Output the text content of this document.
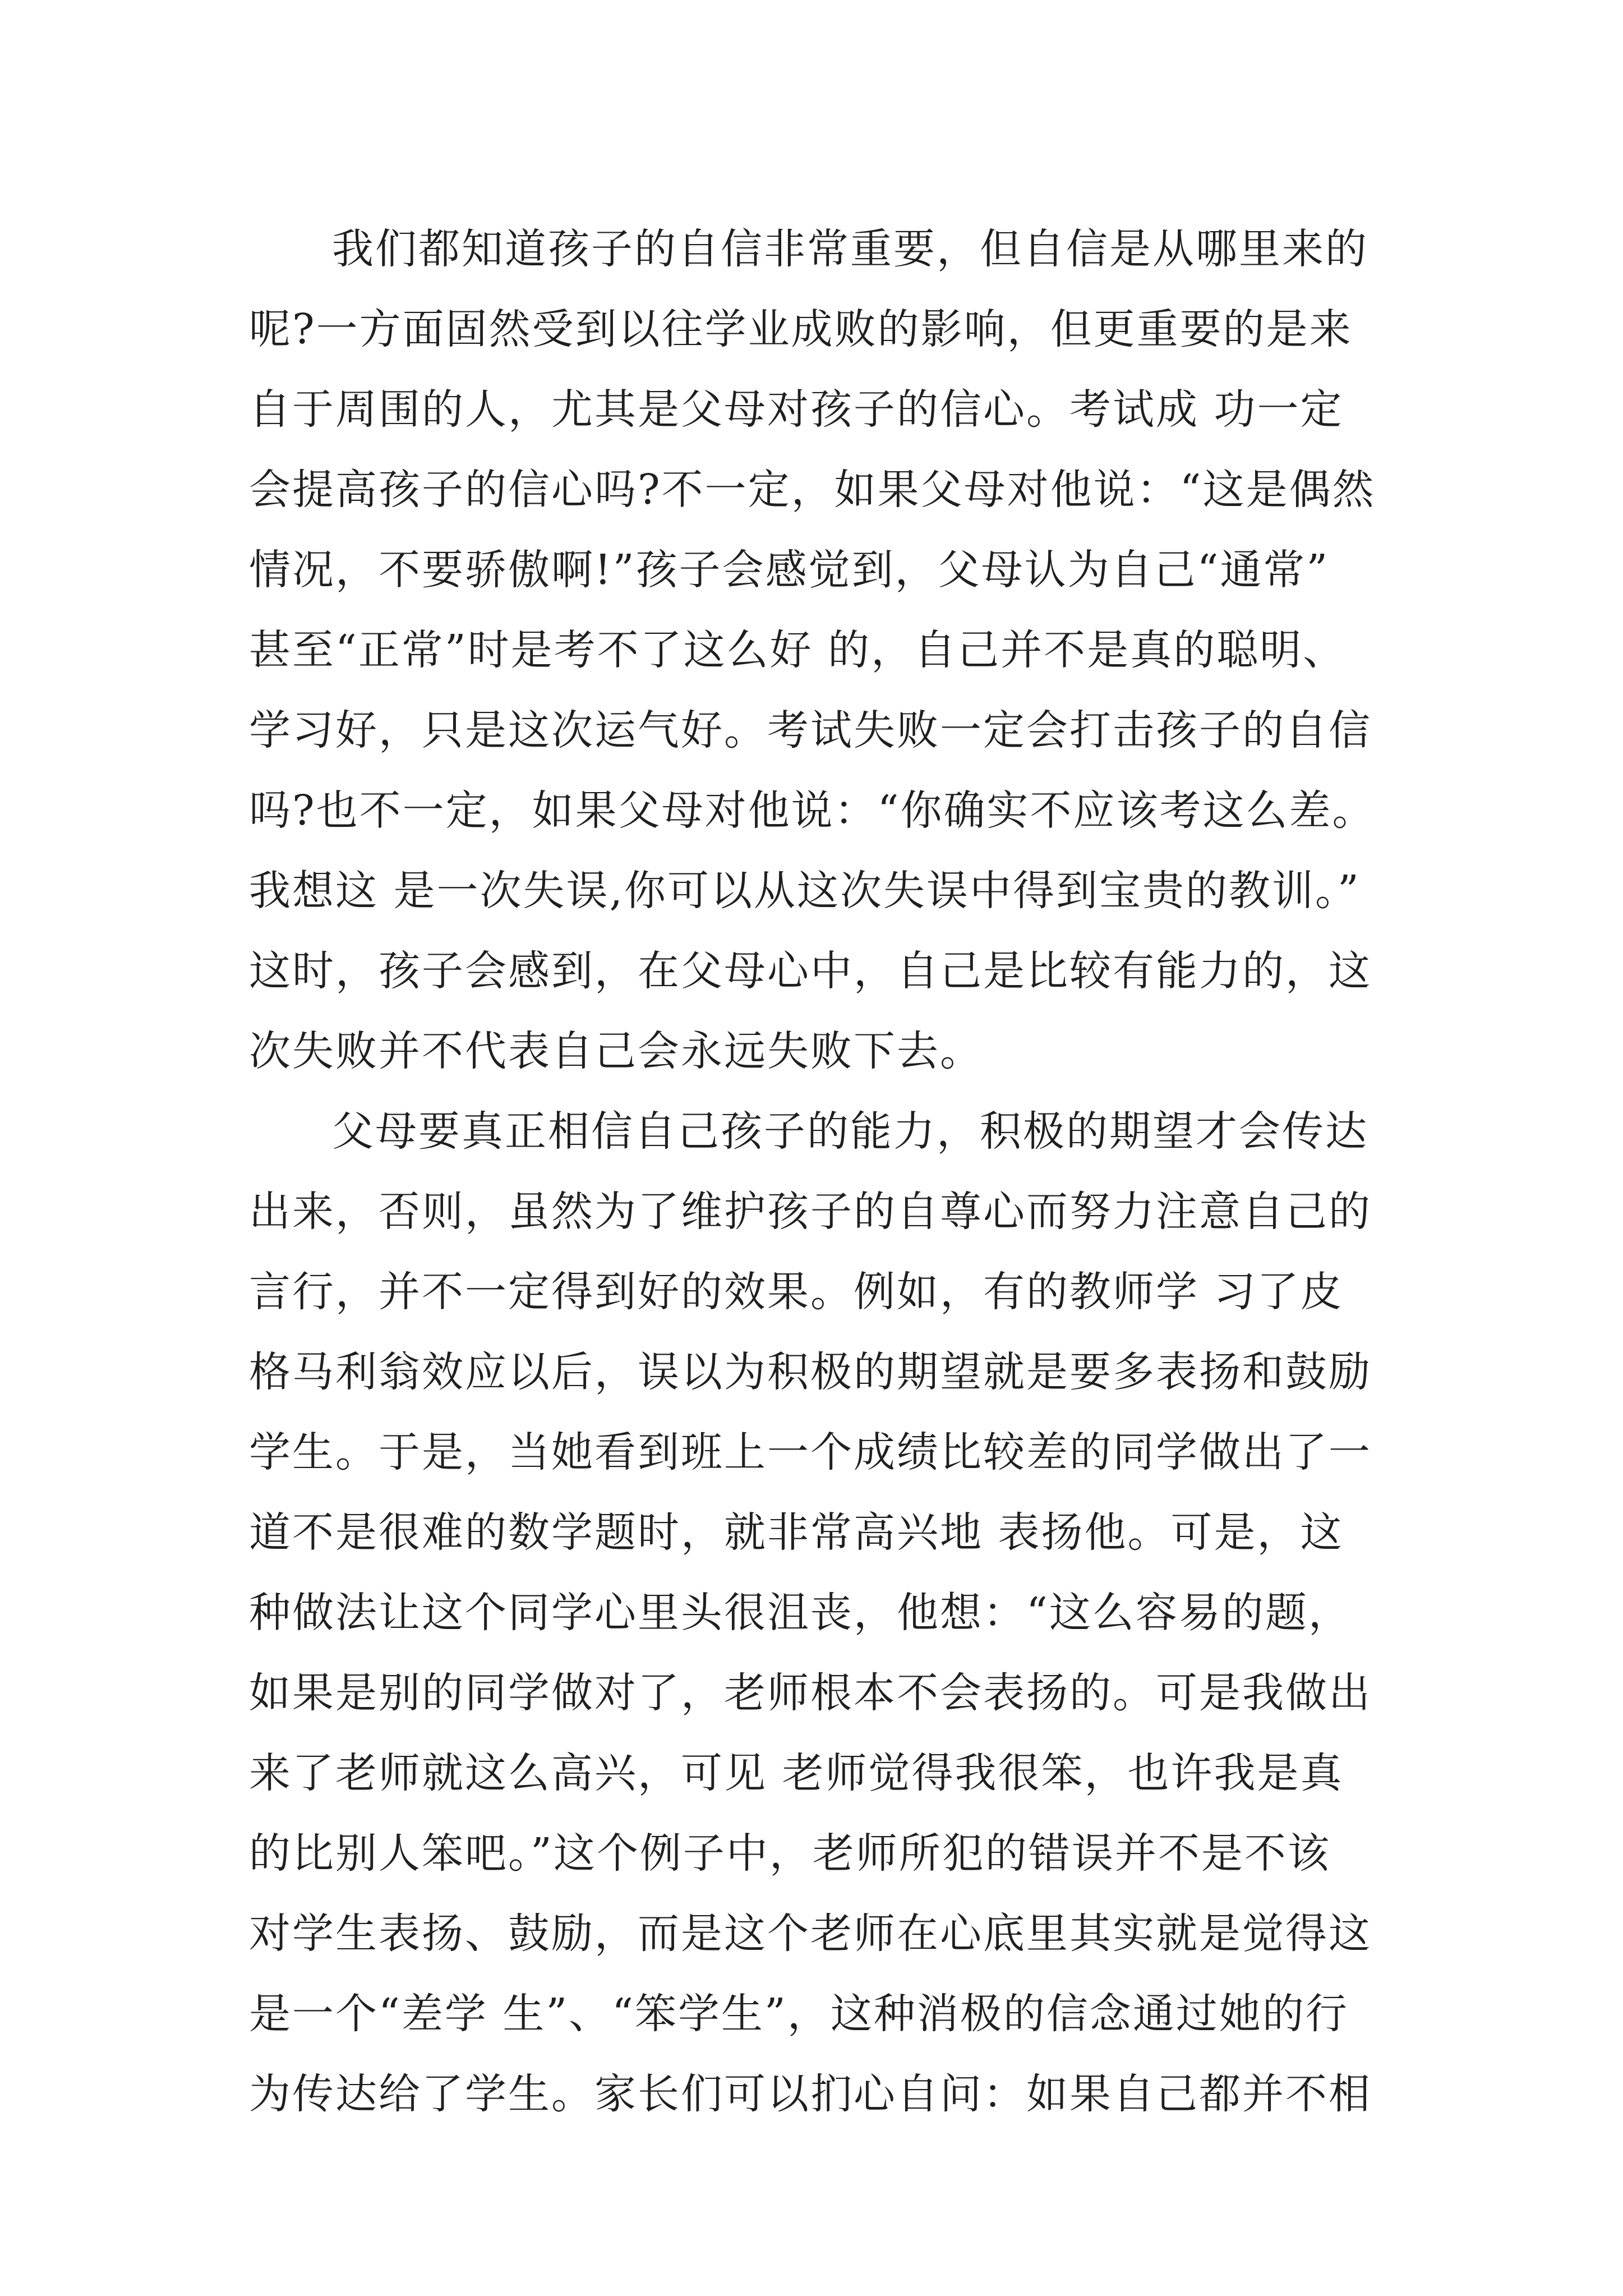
我们都知道孩子的自信非常重要，但自信是从哪里来的
呢?一方面固然受到以往学业成败的影响，但更重要的是来
自于周围的人，尤其是父母对孩子的信心。考试成 功一定
会提高孩子的信心吗?不一定，如果父母对他说：“这是偶然
情况，不要骄傲啊!”孩子会感觉到，父母认为自己“通常”
甚至“正常”时是考不了这么好 的，自己并不是真的聪明、
学习好，只是这次运气好。考试失败一定会打击孩子的自信
吗?也不一定，如果父母对他说：“你确实不应该考这么差。
我想这 是一次失误,你可以从这次失误中得到宝贵的教训。”
这时，孩子会感到，在父母心中，自己是比较有能力的，这
次失败并不代表自己会永远失败下去。
父母要真正相信自己孩子的能力，积极的期望才会传达
出来，否则，虽然为了维护孩子的自尊心而努力注意自己的
言行，并不一定得到好的效果。例如，有的教师学 习了皮
格马利翁效应以后，误以为积极的期望就是要多表扬和鼓励
学生。于是，当她看到班上一个成绩比较差的同学做出了一
道不是很难的数学题时，就非常高兴地 表扬他。可是，这
种做法让这个同学心里头很沮丧，他想：“这么容易的题，
如果是别的同学做对了，老师根本不会表扬的。可是我做出
来了老师就这么高兴，可见 老师觉得我很笨，也许我是真
的比别人笨吧。”这个例子中，老师所犯的错误并不是不该
对学生表扬、鼓励，而是这个老师在心底里其实就是觉得这
是一个“差学 生”、“笨学生”，这种消极的信念通过她的行
为传达给了学生。家长们可以扪心自问：如果自己都并不相
